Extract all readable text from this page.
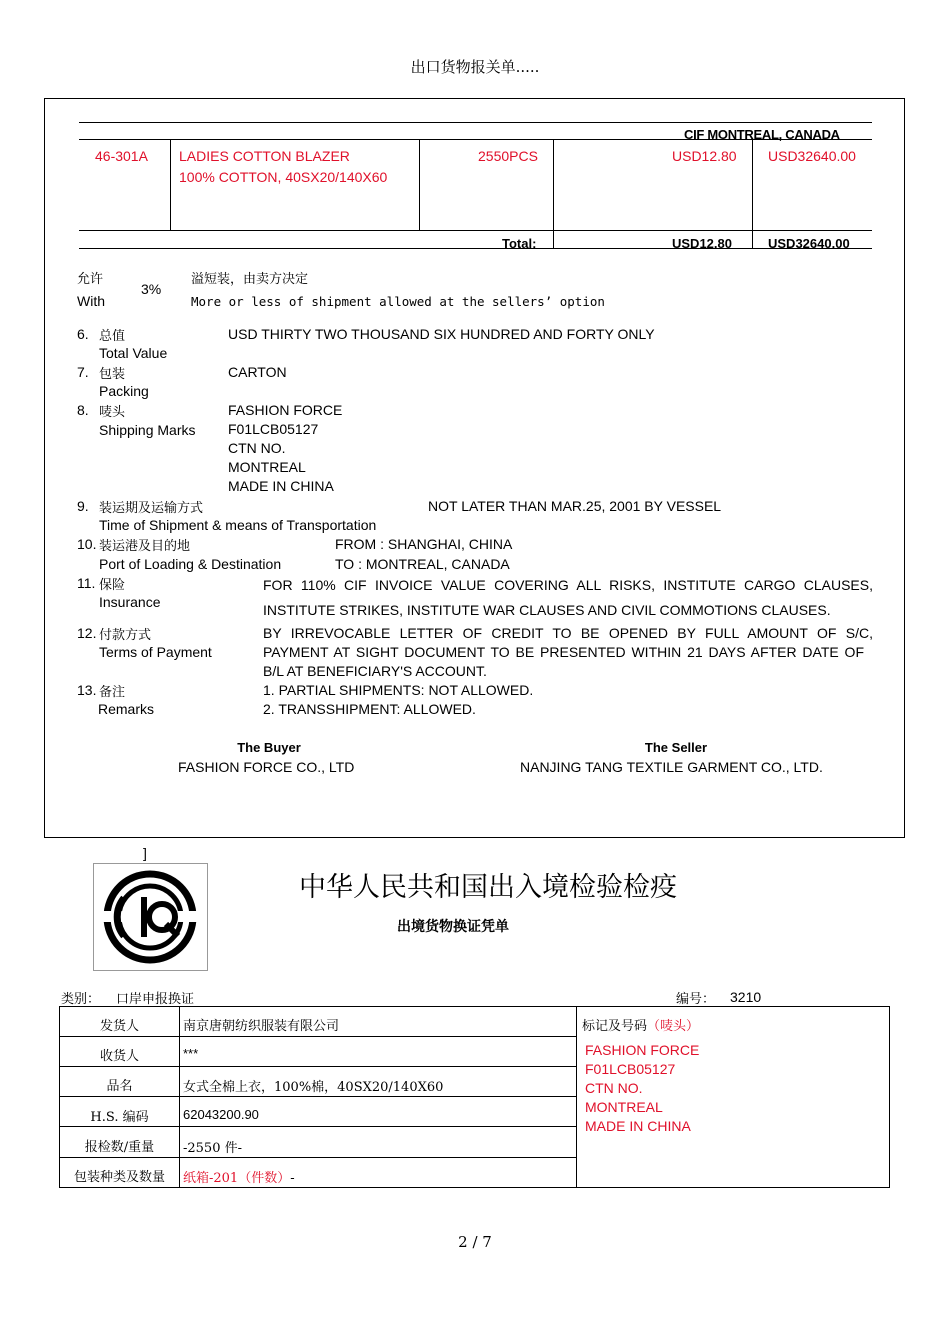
出口货物报关单.....
CIF MONTREAL, CANADA
46-301A LADIES COTTON BLAZER
100% COTTON, 40SX20/140X60
2550PCS	USD12.80 USD32640.00
Total:	USD12.80	USD32640.00
允许
3%
With
溢短装，由卖方决定
More or less of shipment allowed at the sellers’ option
6. 总值
Total Value
USD THIRTY TWO THOUSAND SIX HUNDRED AND FORTY ONLY
7. 包装
Packing
CARTON
8. 唛头
Shipping Marks
FASHION FORCE
F01LCB05127
CTN NO.
MONTREAL
MADE IN CHINA
9. 装运期及运输方式
Time of Shipment & means of Transportation
NOT LATER THAN MAR.25, 2001 BY VESSEL
10. 装运港及目的地
Port of Loading & Destination
FROM : SHANGHAI, CHINA
TO : MONTREAL, CANADA
11. 保险
Insurance
FOR 110% CIF INVOICE VALUE COVERING ALL RISKS, INSTITUTE CARGO CLAUSES,
INSTITUTE STRIKES, INSTITUTE WAR CLAUSES AND CIVIL COMMOTIONS CLAUSES.
12. 付款方式
Terms of Payment
BY IRREVOCABLE LETTER OF CREDIT TO BE OPENED BY FULL AMOUNT OF S/C,
PAYMENT AT SIGHT DOCUMENT TO BE PRESENTED WITHIN 21 DAYS AFTER DATE OF
B/L AT BENEFICIARY'S ACCOUNT.
13. 备注
Remarks
1. PARTIAL SHIPMENTS: NOT ALLOWED.
2. TRANSSHIPMENT: ALLOWED.
The Buyer
FASHION FORCE CO., LTD
The Seller
NANJING TANG TEXTILE GARMENT CO., LTD.
]
中华人民共和国出入境检验检疫
出境货物换证凭单
类别： 口岸申报换证	编号： 3210
发货人	南京唐朝纺织服装有限公司
收货人	***
品名	女式全棉上衣，100%棉，40SX20/140X60
H.S. 编码	62043200.90
报检数/重量	-2550 件-
包装种类及数量	纸箱-201（件数）-
标记及号码（唛头）
FASHION FORCE
F01LCB05127
CTN NO.
MONTREAL
MADE IN CHINA
2 / 7
